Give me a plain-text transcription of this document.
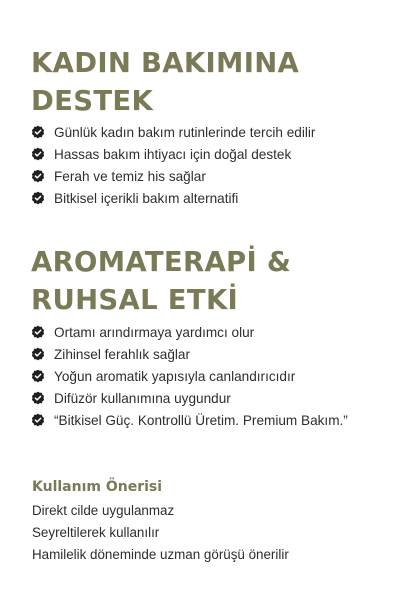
KADIN BAKIMINA
DESTEK
Günlük kadın bakım rutinlerinde tercih edilir
Hassas bakım ihtiyacı için doğal destek
Ferah ve temiz his sağlar
Bitkisel içerikli bakım alternatifi
AROMATERAPİ &
RUHSAL ETKİ
Ortamı arındırmaya yardımcı olur
Zihinsel ferahlık sağlar
Yoğun aromatik yapısıyla canlandırıcıdır
Difüzör kullanımına uygundur
“Bitkisel Güç. Kontrollü Üretim. Premium Bakım.”
Kullanım Önerisi
Direkt cilde uygulanmaz
Seyreltilerek kullanılır
Hamilelik döneminde uzman görüşü önerilir
